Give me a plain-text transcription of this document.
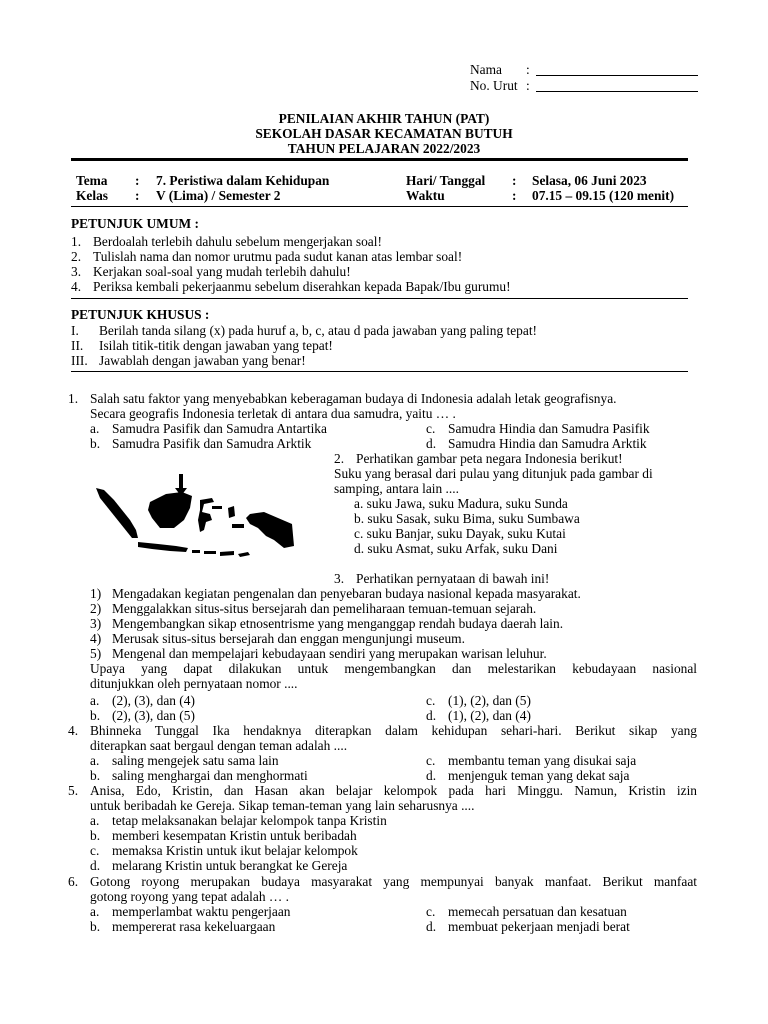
Nama :
No. Urut :
PENILAIAN AKHIR TAHUN (PAT)
SEKOLAH DASAR KECAMATAN BUTUH
TAHUN PELAJARAN 2022/2023
Tema : 7. Peristiwa dalam Kehidupan	Hari/ Tanggal : Selasa, 06 Juni 2023
Kelas : V (Lima) / Semester 2	Waktu	: 07.15 – 09.15 (120 menit)
PETUNJUK UMUM :
1. Berdoalah terlebih dahulu sebelum mengerjakan soal!
2. Tulislah nama dan nomor urutmu pada sudut kanan atas lembar soal!
3. Kerjakan soal-soal yang mudah terlebih dahulu!
4. Periksa kembali pekerjaanmu sebelum diserahkan kepada Bapak/Ibu gurumu!
PETUNJUK KHUSUS :
I. Berilah tanda silang (x) pada huruf a, b, c, atau d pada jawaban yang paling tepat!
II. Isilah titik-titik dengan jawaban yang tepat!
III. Jawablah dengan jawaban yang benar!
1. Salah satu faktor yang menyebabkan keberagaman budaya di Indonesia adalah letak geografisnya.
Secara geografis Indonesia terletak di antara dua samudra, yaitu … .
a. Samudra Pasifik dan Samudra Antartika	c. Samudra Hindia dan Samudra Pasifik
b. Samudra Pasifik dan Samudra Arktik	d. Samudra Hindia dan Samudra Arktik
2. Perhatikan gambar peta negara Indonesia berikut!
Suku yang berasal dari pulau yang ditunjuk pada gambar di
samping, antara lain ....
a. suku Jawa, suku Madura, suku Sunda
b. suku Sasak, suku Bima, suku Sumbawa
c. suku Banjar, suku Dayak, suku Kutai
d. suku Asmat, suku Arfak, suku Dani
3. Perhatikan pernyataan di bawah ini!
1) Mengadakan kegiatan pengenalan dan penyebaran budaya nasional kepada masyarakat.
2) Menggalakkan situs-situs bersejarah dan pemeliharaan temuan-temuan sejarah.
3) Mengembangkan sikap etnosentrisme yang menganggap rendah budaya daerah lain.
4) Merusak situs-situs bersejarah dan enggan mengunjungi museum.
5) Mengenal dan mempelajari kebudayaan sendiri yang merupakan warisan leluhur.
Upaya yang dapat dilakukan untuk mengembangkan dan melestarikan kebudayaan nasional
ditunjukkan oleh pernyataan nomor ....
a. (2), (3), dan (4)	c. (1), (2), dan (5)
b. (2), (3), dan (5)	d. (1), (2), dan (4)
4. Bhinneka Tunggal Ika hendaknya diterapkan dalam kehidupan sehari-hari. Berikut sikap yang
diterapkan saat bergaul dengan teman adalah ....
a. saling mengejek satu sama lain	c. membantu teman yang disukai saja
b. saling menghargai dan menghormati	d. menjenguk teman yang dekat saja
5. Anisa, Edo, Kristin, dan Hasan akan belajar kelompok pada hari Minggu. Namun, Kristin izin
untuk beribadah ke Gereja. Sikap teman-teman yang lain seharusnya ....
a. tetap melaksanakan belajar kelompok tanpa Kristin
b. memberi kesempatan Kristin untuk beribadah
c. memaksa Kristin untuk ikut belajar kelompok
d. melarang Kristin untuk berangkat ke Gereja
6. Gotong royong merupakan budaya masyarakat yang mempunyai banyak manfaat. Berikut manfaat
gotong royong yang tepat adalah … .
a. memperlambat waktu pengerjaan	c. memecah persatuan dan kesatuan
b. mempererat rasa kekeluargaan	d. membuat pekerjaan menjadi berat
